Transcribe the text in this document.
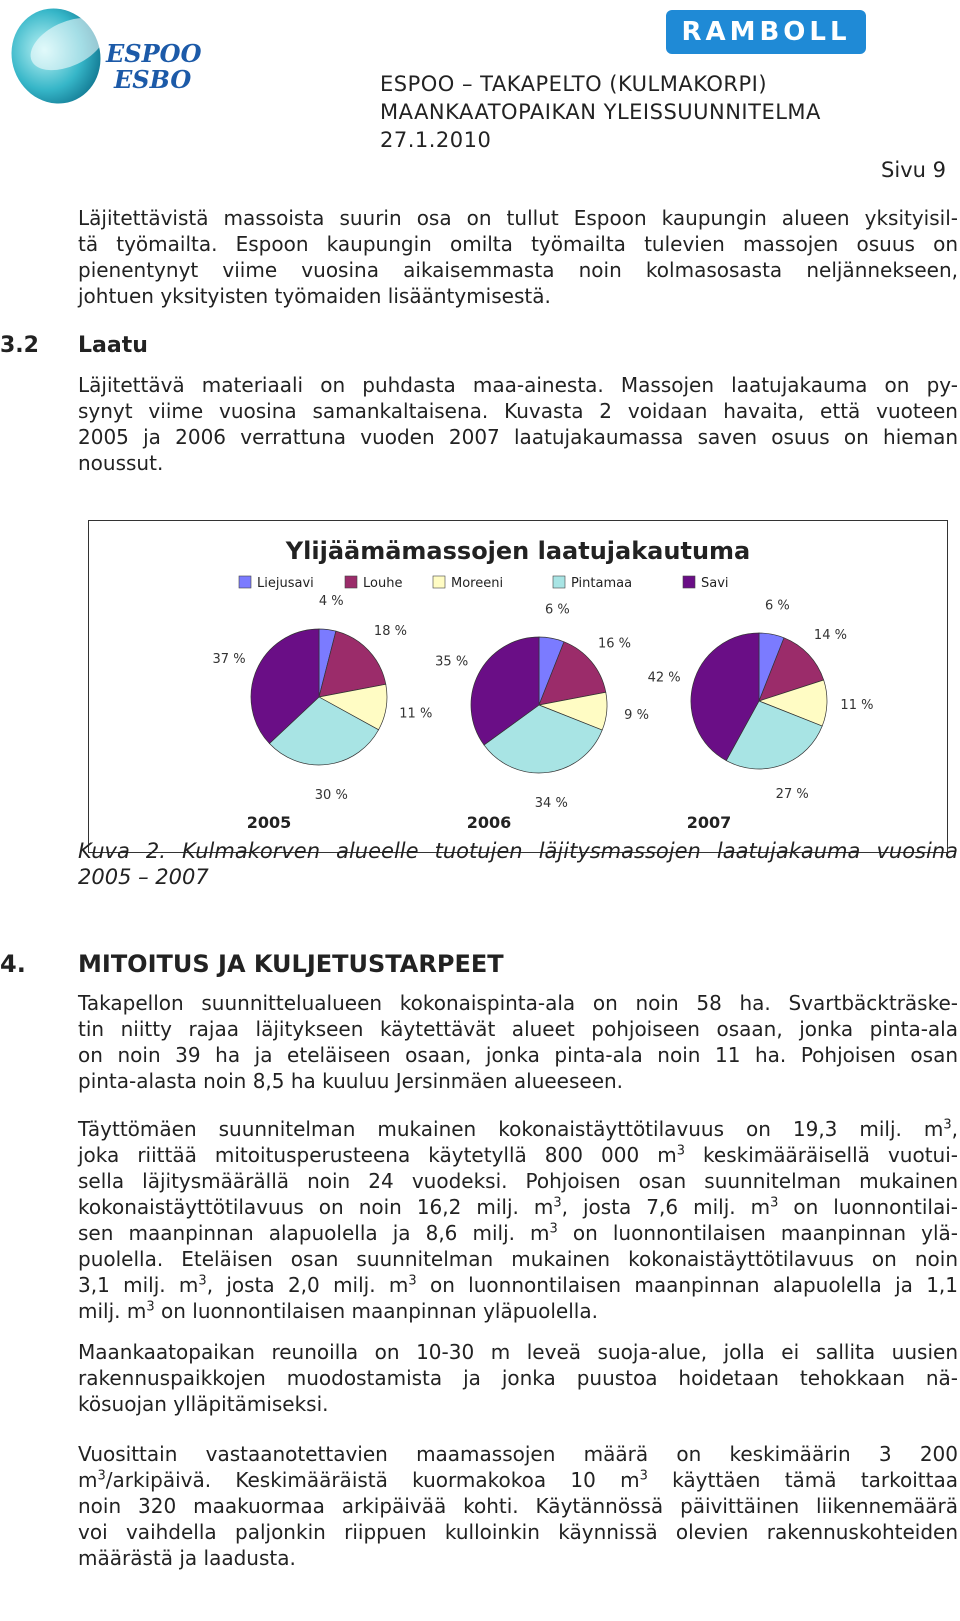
ESPOO
ESBO
RAMBOLL
ESPOO – TAKAPELTO (KULMAKORPI)
MAANKAATOPAIKAN YLEISSUUNNITELMA
27.1.2010
Sivu 9
Läjitettävistä massoista suurin osa on tullut Espoon kaupungin alueen yksityisil-
tä työmailta. Espoon kaupungin omilta työmailta tulevien massojen osuus on
pienentynyt viime vuosina aikaisemmasta noin kolmasosasta neljännekseen,
johtuen yksityisten työmaiden lisääntymisestä.
3.2 Laatu
Läjitettävä materiaali on puhdasta maa-ainesta. Massojen laatujakauma on py-
synyt viime vuosina samankaltaisena. Kuvasta 2 voidaan havaita, että vuoteen
2005 ja 2006 verrattuna vuoden 2007 laatujakaumassa saven osuus on hieman
noussut.
Ylijäämämassojen laatujakautuma
Liejusavi	Louhe	Moreeni	Pintamaa	Savi
4 %
18 %
11 %
30 %
37 %
2005
6 %
16 %
9 %
34 %
35 %
2006
6 %
14 %
11 %
27 %
42 %
2007
Kuva 2. Kulmakorven alueelle tuotujen läjitysmassojen laatujakauma vuosina
2005 – 2007
4. MITOITUS JA KULJETUSTARPEET
Takapellon suunnittelualueen kokonaispinta-ala on noin 58 ha. Svartbäckträske-
tin niitty rajaa läjitykseen käytettävät alueet pohjoiseen osaan, jonka pinta-ala
on noin 39 ha ja eteläiseen osaan, jonka pinta-ala noin 11 ha. Pohjoisen osan
pinta-alasta noin 8,5 ha kuuluu Jersinmäen alueeseen.
Täyttömäen suunnitelman mukainen kokonaistäyttötilavuus on 19,3 milj. $m^3$,
joka riittää mitoitusperusteena käytetyllä 800 000 $m^3$ keskimääräisellä vuotui-
sella läjitysmäärällä noin 24 vuodeksi. Pohjoisen osan suunnitelman mukainen
kokonaistäyttötilavuus on noin 16,2 milj. $m^3$, josta 7,6 milj. $m^3$ on luonnontilai-
sen maanpinnan alapuolella ja 8,6 milj. $m^3$ on luonnontilaisen maanpinnan ylä-
puolella. Eteläisen osan suunnitelman mukainen kokonaistäyttötilavuus on noin
3,1 milj. $m^3$, josta 2,0 milj. $m^3$ on luonnontilaisen maanpinnan alapuolella ja 1,1
milj. $m^3$ on luonnontilaisen maanpinnan yläpuolella.
Maankaatopaikan reunoilla on 10-30 m leveä suoja-alue, jolla ei sallita uusien
rakennuspaikkojen muodostamista ja jonka puustoa hoidetaan tehokkaan nä-
kösuojan ylläpitämiseksi.
Vuosittain vastaanotettavien maamassojen määrä on keskimäärin 3 200
$m^3$/arkipäivä. Keskimääräistä kuormakokoa 10 $m^3$ käyttäen tämä tarkoittaa
noin 320 maakuormaa arkipäivää kohti. Käytännössä päivittäinen liikennemäärä
voi vaihdella paljonkin riippuen kulloinkin käynnissä olevien rakennuskohteiden
määrästä ja laadusta.
